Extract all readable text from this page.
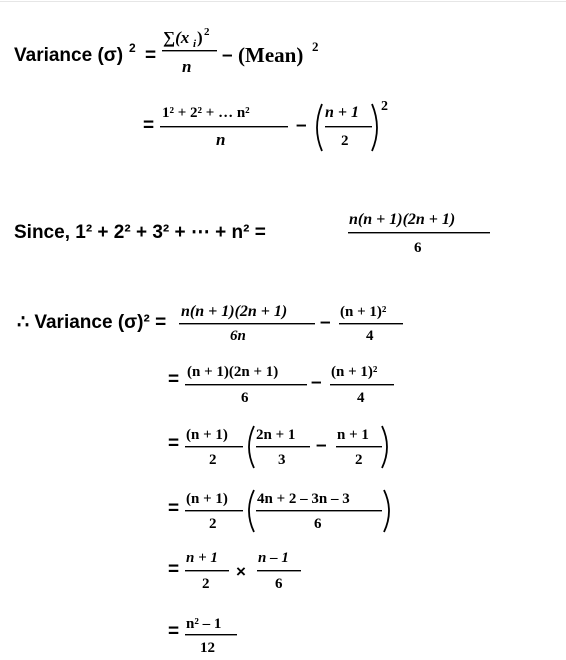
Variance (σ) 2 =
∑(x i ) 2
n
– (Mean) 2
=
1² + 2² + … n²
n
–
n + 1
2
2
Since, 1² + 2² + 3² + ⋯ + n² =
n(n + 1)(2n + 1)
6
∴ Variance (σ)² =
n(n + 1)(2n + 1)
6n
– (n + 1)²
4
= (n + 1)(2n + 1)
6
– (n + 1)²
4
= (n + 1)
2
2n + 1
3
– n + 1
2
= (n + 1)
2
4n + 2 – 3n – 3
6
=
n + 1
2
×
n – 1
6
= n² – 1
12
